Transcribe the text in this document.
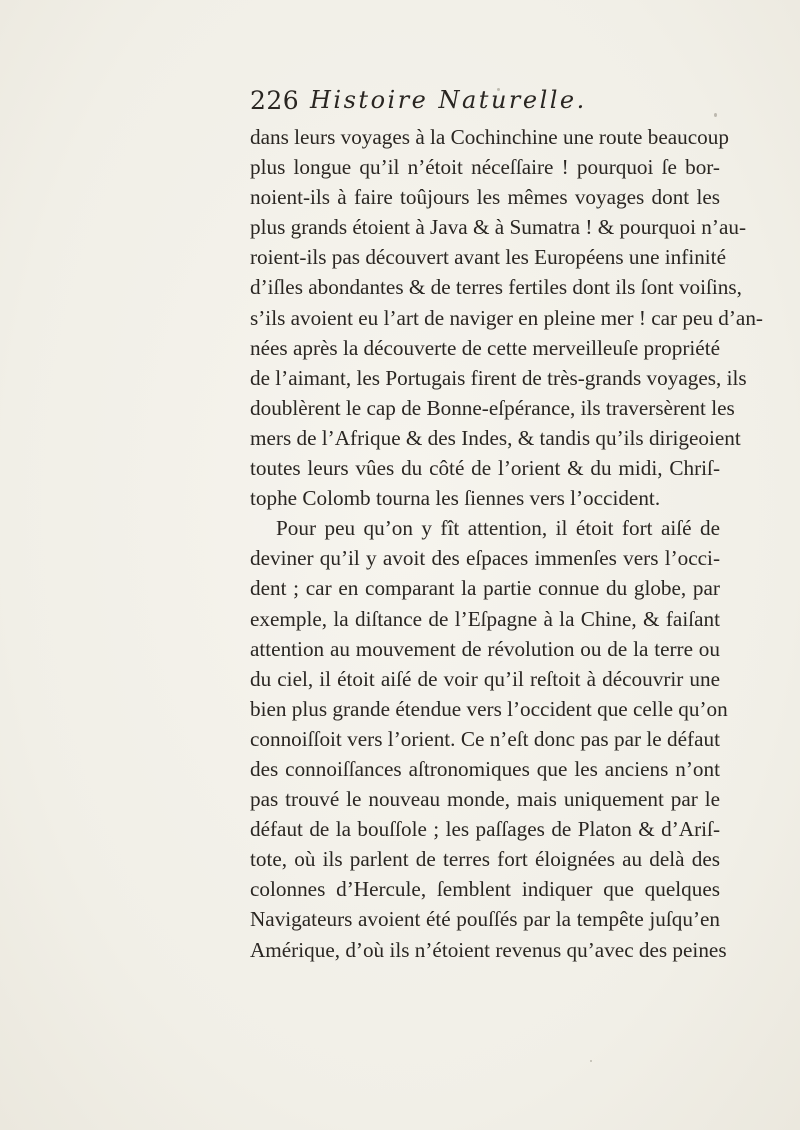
226 Histoire Naturelle.
dans leurs voyages à la Cochinchine une route beaucoup
plus longue qu’il n’étoit néceſſaire ! pourquoi ſe bor-
noient-ils à faire toûjours les mêmes voyages dont les
plus grands étoient à Java & à Sumatra ! & pourquoi n’au-
roient-ils pas découvert avant les Européens une infinité
d’iſles abondantes & de terres fertiles dont ils ſont voiſins,
s’ils avoient eu l’art de naviger en pleine mer ! car peu d’an-
nées après la découverte de cette merveilleuſe propriété
de l’aimant, les Portugais firent de très-grands voyages, ils
doublèrent le cap de Bonne-eſpérance, ils traversèrent les
mers de l’Afrique & des Indes, & tandis qu’ils dirigeoient
toutes leurs vûes du côté de l’orient & du midi, Chriſ-
tophe Colomb tourna les ſiennes vers l’occident.
Pour peu qu’on y fît attention, il étoit fort aiſé de
deviner qu’il y avoit des eſpaces immenſes vers l’occi-
dent ; car en comparant la partie connue du globe, par
exemple, la diſtance de l’Eſpagne à la Chine, & faiſant
attention au mouvement de révolution ou de la terre ou
du ciel, il étoit aiſé de voir qu’il reſtoit à découvrir une
bien plus grande étendue vers l’occident que celle qu’on
connoiſſoit vers l’orient. Ce n’eſt donc pas par le défaut
des connoiſſances aſtronomiques que les anciens n’ont
pas trouvé le nouveau monde, mais uniquement par le
défaut de la bouſſole ; les paſſages de Platon & d’Ariſ-
tote, où ils parlent de terres fort éloignées au delà des
colonnes d’Hercule, ſemblent indiquer que quelques
Navigateurs avoient été pouſſés par la tempête juſqu’en
Amérique, d’où ils n’étoient revenus qu’avec des peines
